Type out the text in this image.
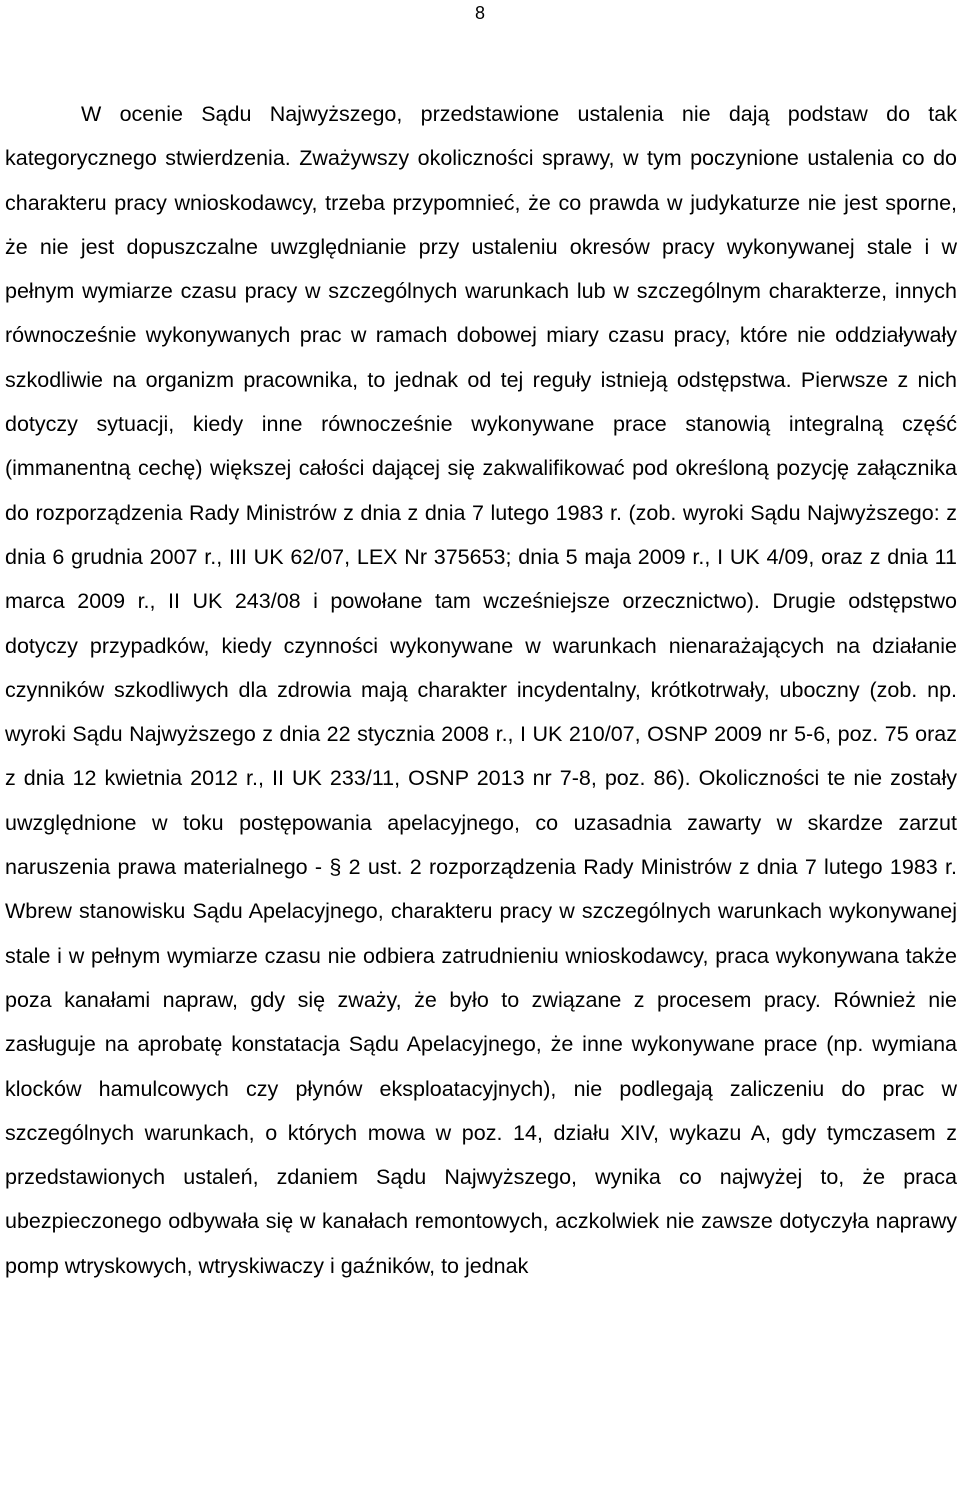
8

W ocenie Sądu Najwyższego, przedstawione ustalenia nie dają podstaw do tak kategorycznego stwierdzenia. Zważywszy okoliczności sprawy, w tym poczynione ustalenia co do charakteru pracy wnioskodawcy, trzeba przypomnieć, że co prawda w judykaturze nie jest sporne, że nie jest dopuszczalne uwzględnianie przy ustaleniu okresów pracy wykonywanej stale i w pełnym wymiarze czasu pracy w szczególnych warunkach lub w szczególnym charakterze, innych równocześnie wykonywanych prac w ramach dobowej miary czasu pracy, które nie oddziaływały szkodliwie na organizm pracownika, to jednak od tej reguły istnieją odstępstwa. Pierwsze z nich dotyczy sytuacji, kiedy inne równocześnie wykonywane prace stanowią integralną część (immanentną cechę) większej całości dającej się zakwalifikować pod określoną pozycję załącznika do rozporządzenia Rady Ministrów z dnia z dnia 7 lutego 1983 r. (zob. wyroki Sądu Najwyższego: z dnia 6 grudnia 2007 r., III UK 62/07, LEX Nr 375653; dnia 5 maja 2009 r., I UK 4/09, oraz z dnia 11 marca 2009 r., II UK 243/08 i powołane tam wcześniejsze orzecznictwo). Drugie odstępstwo dotyczy przypadków, kiedy czynności wykonywane w warunkach nienarażających na działanie czynników szkodliwych dla zdrowia mają charakter incydentalny, krótkotrwały, uboczny (zob. np. wyroki Sądu Najwyższego z dnia 22 stycznia 2008 r., I UK 210/07, OSNP 2009 nr 5-6, poz. 75 oraz z dnia 12 kwietnia 2012 r., II UK 233/11, OSNP 2013 nr 7-8, poz. 86). Okoliczności te nie zostały uwzględnione w toku postępowania apelacyjnego, co uzasadnia zawarty w skardze zarzut naruszenia prawa materialnego - § 2 ust. 2 rozporządzenia Rady Ministrów z dnia 7 lutego 1983 r. Wbrew stanowisku Sądu Apelacyjnego, charakteru pracy w szczególnych warunkach wykonywanej stale i w pełnym wymiarze czasu nie odbiera zatrudnieniu wnioskodawcy, praca wykonywana także poza kanałami napraw, gdy się zważy, że było to związane z procesem pracy. Również nie zasługuje na aprobatę konstatacja Sądu Apelacyjnego, że inne wykonywane prace (np. wymiana klocków hamulcowych czy płynów eksploatacyjnych), nie podlegają zaliczeniu do prac w szczególnych warunkach, o których mowa w poz. 14, działu XIV, wykazu A, gdy tymczasem z przedstawionych ustaleń, zdaniem Sądu Najwyższego, wynika co najwyżej to, że praca ubezpieczonego odbywała się w kanałach remontowych, aczkolwiek nie zawsze dotyczyła naprawy pomp wtryskowych, wtryskiwaczy i gaźników, to jednak
